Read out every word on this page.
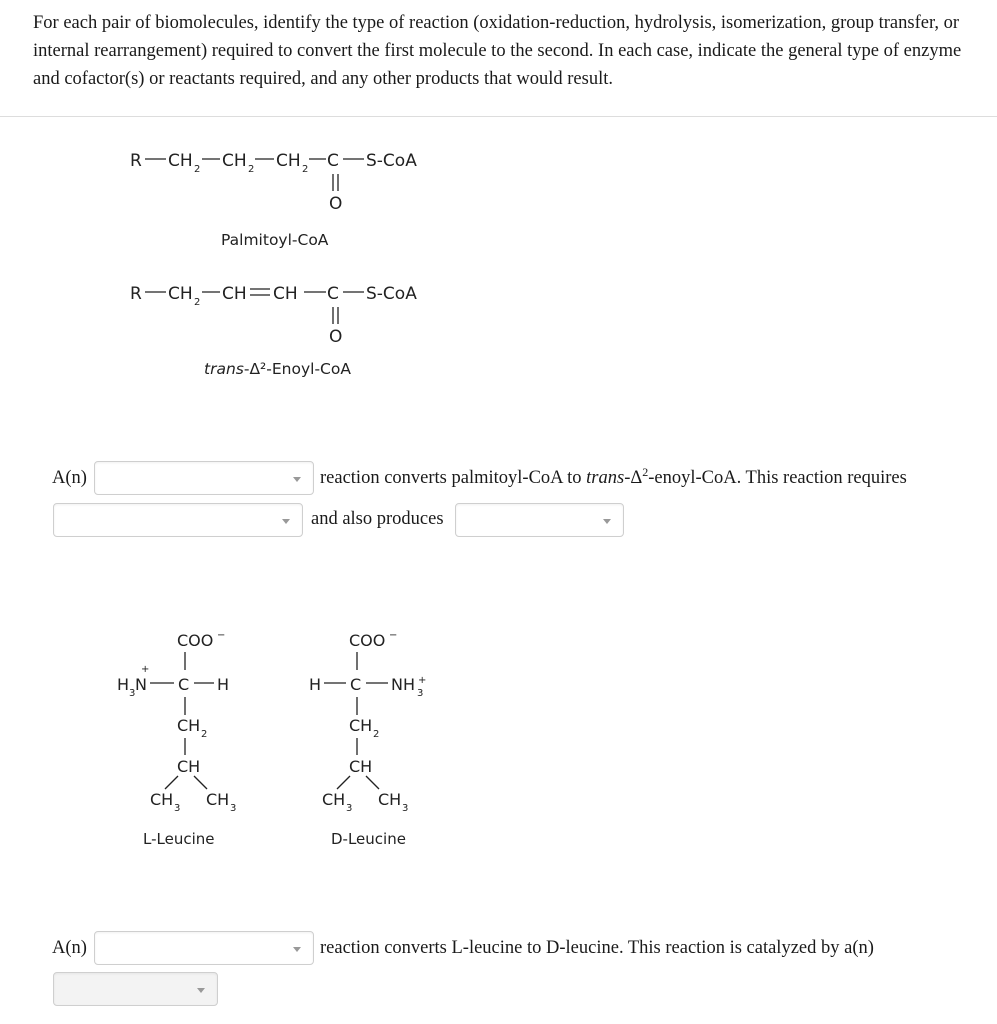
For each pair of biomolecules, identify the type of reaction (oxidation-reduction, hydrolysis, isomerization, group transfer, or internal rearrangement) required to convert the first molecule to the second. In each case, indicate the general type of enzyme and cofactor(s) or reactants required, and any other products that would result.

R CH 2 CH 2 CH 2 C S-CoA
O
Palmitoyl-CoA
R CH 2 CH CH C S-CoA
O
trans-Δ²-Enoyl-CoA
COO −
+
H 3 N C H
CH 2
CH
CH 3 CH 3
L-Leucine
COO −
H C NH +
3
CH 2
CH
CH 3 CH 3
D-Leucine
A(n)	reaction converts palmitoyl-CoA to trans-$\Delta^2-enoyl$-CoA. This reaction requires
and also produces
A(n)	reaction converts L-leucine to D-leucine. This reaction is catalyzed by a(n)
